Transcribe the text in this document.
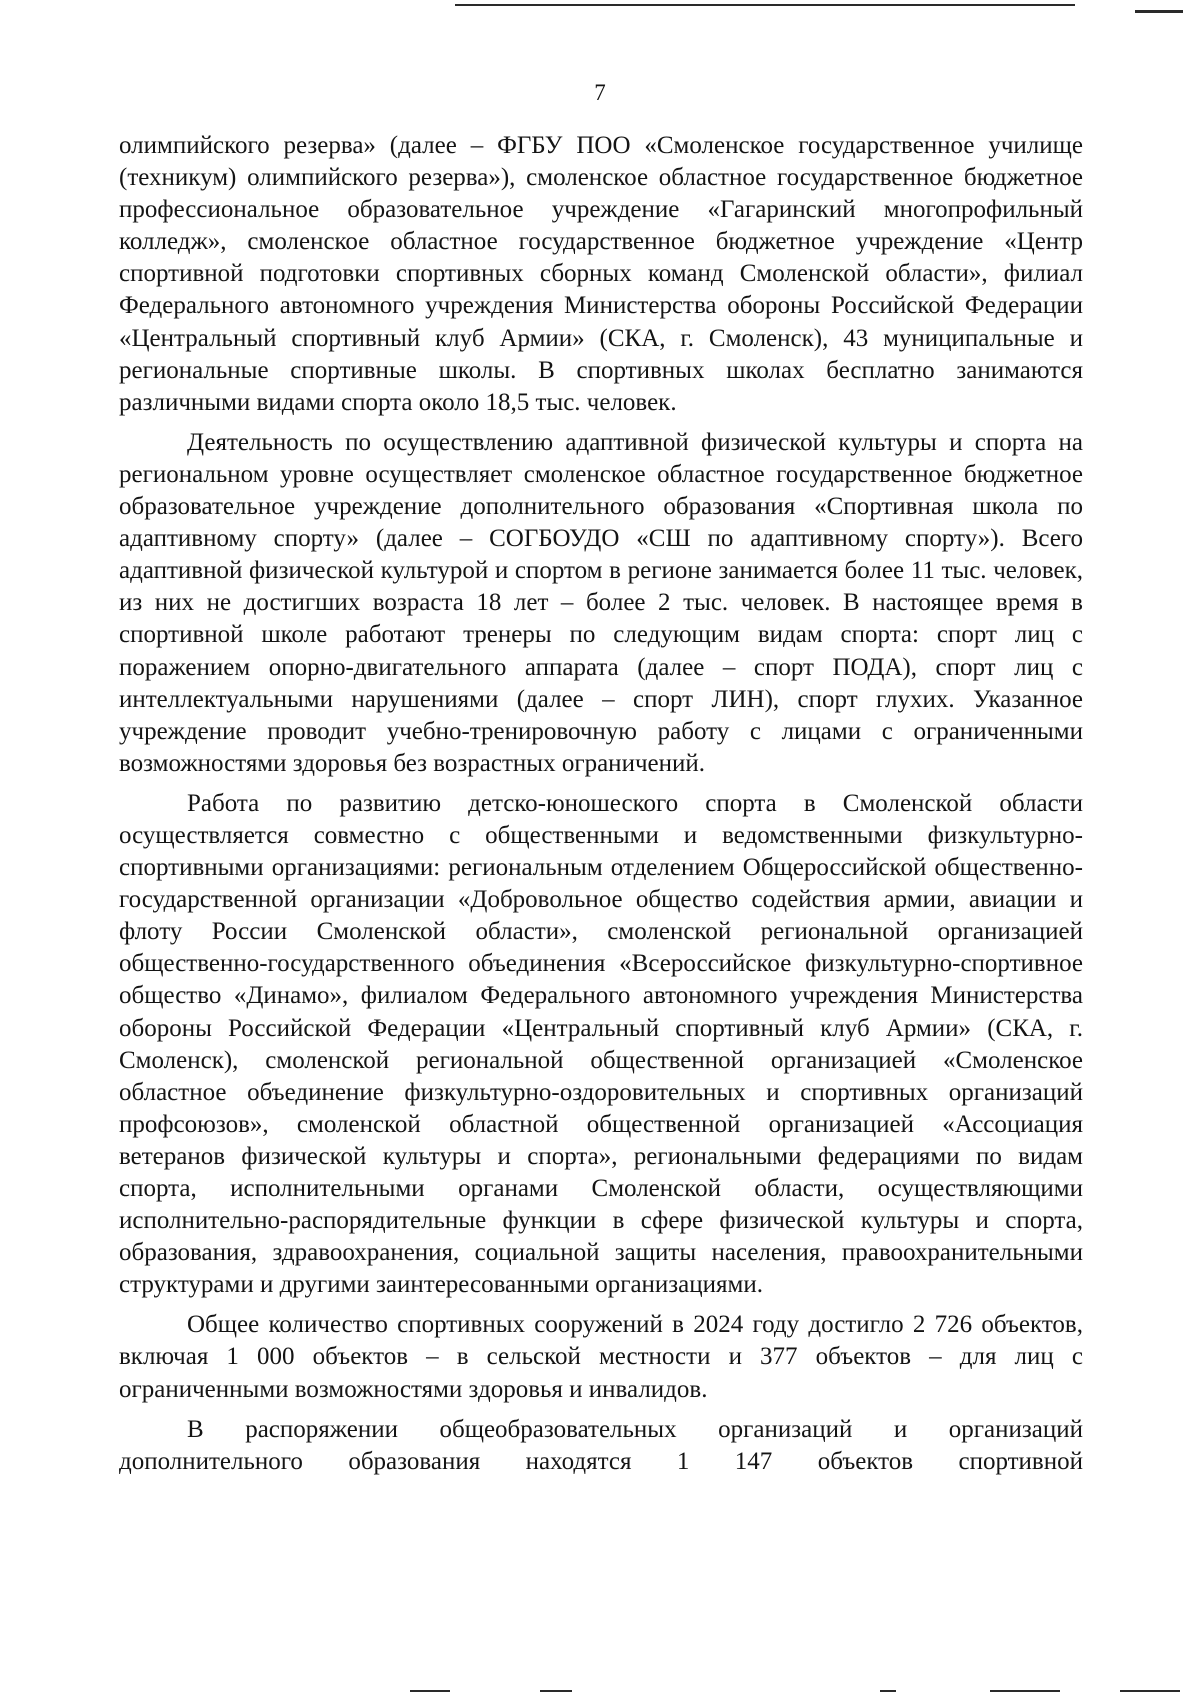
7

олимпийского резерва» (далее – ФГБУ ПОО «Смоленское государственное училище (техникум) олимпийского резерва»), смоленское областное государственное бюджетное профессиональное образовательное учреждение «Гагаринский многопрофильный колледж», смоленское областное государственное бюджетное учреждение «Центр спортивной подготовки спортивных сборных команд Смоленской области», филиал Федерального автономного учреждения Министерства обороны Российской Федерации «Центральный спортивный клуб Армии» (СКА, г. Смоленск), 43 муниципальные и региональные спортивные школы. В спортивных школах бесплатно занимаются различными видами спорта около 18,5 тыс. человек.

Деятельность по осуществлению адаптивной физической культуры и спорта на региональном уровне осуществляет смоленское областное государственное бюджетное образовательное учреждение дополнительного образования «Спортивная школа по адаптивному спорту» (далее – СОГБОУДО «СШ по адаптивному спорту»). Всего адаптивной физической культурой и спортом в регионе занимается более 11 тыс. человек, из них не достигших возраста 18 лет – более 2 тыс. человек. В настоящее время в спортивной школе работают тренеры по следующим видам спорта: спорт лиц с поражением опорно-двигательного аппарата (далее – спорт ПОДА), спорт лиц с интеллектуальными нарушениями (далее – спорт ЛИН), спорт глухих. Указанное учреждение проводит учебно-тренировочную работу с лицами с ограниченными возможностями здоровья без возрастных ограничений.

Работа по развитию детско-юношеского спорта в Смоленской области осуществляется совместно с общественными и ведомственными физкультурно-спортивными организациями: региональным отделением Общероссийской общественно-государственной организации «Добровольное общество содействия армии, авиации и флоту России Смоленской области», смоленской региональной организацией общественно-государственного объединения «Всероссийское физкультурно-спортивное общество «Динамо», филиалом Федерального автономного учреждения Министерства обороны Российской Федерации «Центральный спортивный клуб Армии» (СКА, г. Смоленск), смоленской региональной общественной организацией «Смоленское областное объединение физкультурно-оздоровительных и спортивных организаций профсоюзов», смоленской областной общественной организацией «Ассоциация ветеранов физической культуры и спорта», региональными федерациями по видам спорта, исполнительными органами Смоленской области, осуществляющими исполнительно-распорядительные функции в сфере физической культуры и спорта, образования, здравоохранения, социальной защиты населения, правоохранительными структурами и другими заинтересованными организациями.

Общее количество спортивных сооружений в 2024 году достигло 2 726 объектов, включая 1 000 объектов – в сельской местности и 377 объектов – для лиц с ограниченными возможностями здоровья и инвалидов.

В распоряжении общеобразовательных организаций и организаций дополнительного образования находятся 1 147 объектов спортивной
